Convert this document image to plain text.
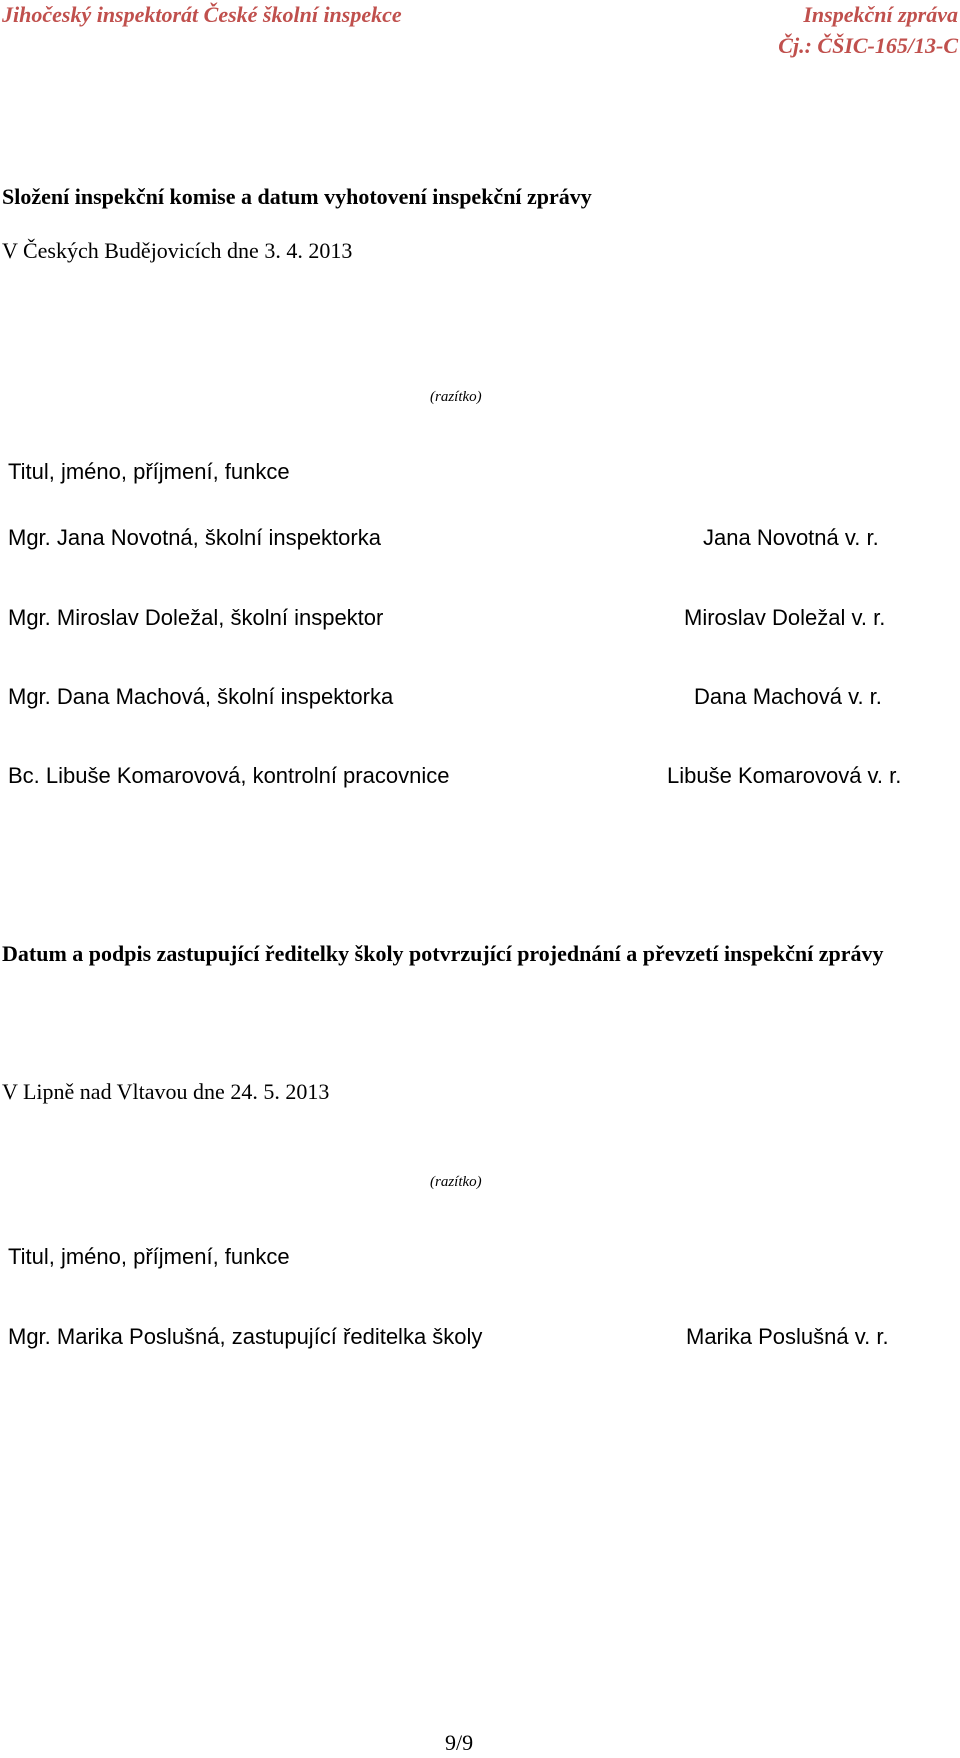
Jihočeský inspektorát České školní inspekce	Inspekční zpráva
Čj.: ČŠIC-165/13-C
Složení inspekční komise a datum vyhotovení inspekční zprávy
V Českých Budějovicích dne 3. 4. 2013
(razítko)
Titul, jméno, příjmení, funkce
Mgr. Jana Novotná, školní inspektorka	Jana Novotná v. r.
Mgr. Miroslav Doležal, školní inspektor	Miroslav Doležal v. r.
Mgr. Dana Machová, školní inspektorka	Dana Machová v. r.
Bc. Libuše Komarovová, kontrolní pracovnice	Libuše Komarovová v. r.
Datum a podpis zastupující ředitelky školy potvrzující projednání a převzetí inspekční zprávy
V Lipně nad Vltavou dne 24. 5. 2013
(razítko)
Titul, jméno, příjmení, funkce
Mgr. Marika Poslušná, zastupující ředitelka školy	Marika Poslušná v. r.
9/9
